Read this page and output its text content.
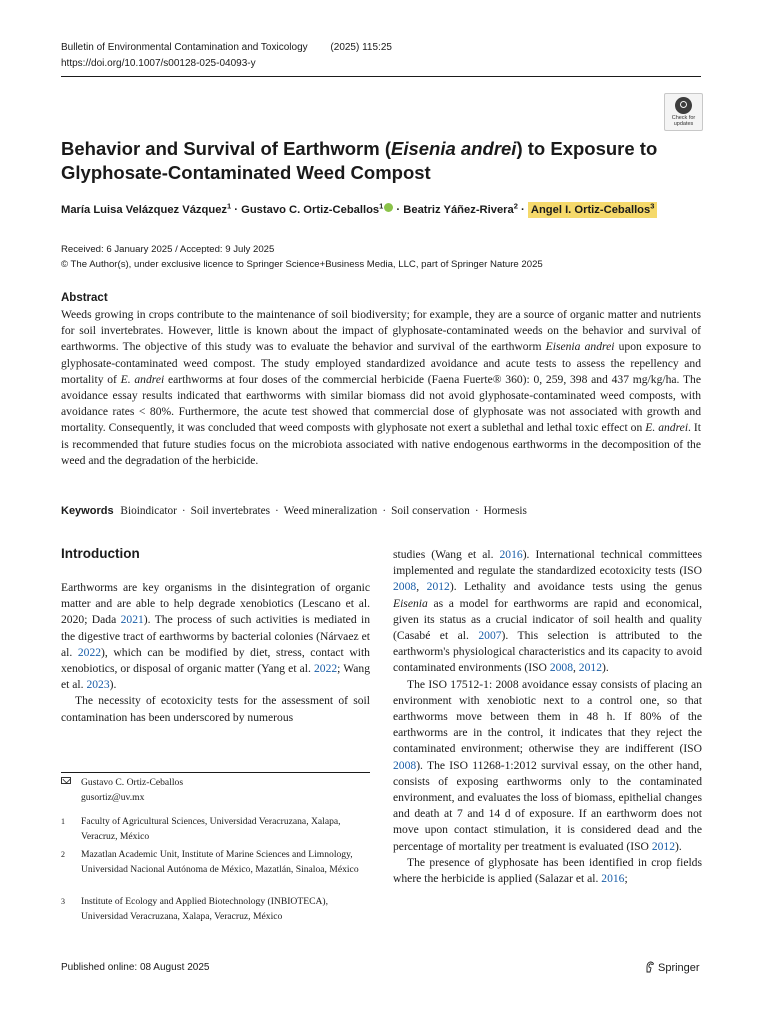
Bulletin of Environmental Contamination and Toxicology (2025) 115:25
https://doi.org/10.1007/s00128-025-04093-y
Check for
updates
Behavior and Survival of Earthworm (Eisenia andrei) to Exposure to Glyphosate-Contaminated Weed Compost
María Luisa Velázquez Vázquez$^1$ · Gustavo C. Ortiz-Ceballos$^1$ · Beatriz Yáñez-Rivera$^2$ · Angel I. Ortiz-Ceballos$^3$
Received: 6 January 2025 / Accepted: 9 July 2025
© The Author(s), under exclusive licence to Springer Science+Business Media, LLC, part of Springer Nature 2025
Abstract

Weeds growing in crops contribute to the maintenance of soil biodiversity; for example, they are a source of organic matter and nutrients for soil invertebrates. However, little is known about the impact of glyphosate-contaminated weeds on the behavior and survival of earthworms. The objective of this study was to evaluate the behavior and survival of the earthworm Eisenia andrei upon exposure to glyphosate-contaminated weed compost. The study employed standardized avoidance and acute tests to assess the repellency and mortality of E. andrei earthworms at four doses of the commercial herbicide (Faena Fuerte® 360): 0, 259, 398 and 437 mg/kg/ha. The avoidance essay results indicated that earthworms with similar biomass did not avoid glyphosate-contaminated weed composts, with avoidance rates < 80%. Furthermore, the acute test showed that commercial dose of glyphosate was not associated with growth and mortality. Consequently, it was concluded that weed composts with glyphosate not exert a sublethal and lethal toxic effect on E. andrei. It is recommended that future studies focus on the microbiota associated with native endogenous earthworms in the decomposition of the weed and the degradation of the herbicide.

Keywords Bioindicator · Soil invertebrates · Weed mineralization · Soil conservation · Hormesis
Introduction

Earthworms are key organisms in the disintegration of organic matter and are able to help degrade xenobiotics (Lescano et al. 2020; Dada 2021). The process of such activities is mediated in the digestive tract of earthworms by bacterial colonies (Nárvaez et al. 2022), which can be modified by diet, stress, contact with xenobiotics, or disposal of organic matter (Yang et al. 2022; Wang et al. 2023).

The necessity of ecotoxicity tests for the assessment of soil contamination has been underscored by numerous

Gustavo C. Ortiz-Ceballos
gusortiz@uv.mx
1 Faculty of Agricultural Sciences, Universidad Veracruzana, Xalapa, Veracruz, México
2 Mazatlan Academic Unit, Institute of Marine Sciences and Limnology, Universidad Nacional Autónoma de México, Mazatlán, Sinaloa, México
3 Institute of Ecology and Applied Biotechnology (INBIOTECA), Universidad Veracruzana, Xalapa, Veracruz, México

studies (Wang et al. 2016). International technical committees implemented and regulate the standardized ecotoxicity tests (ISO 2008, 2012). Lethality and avoidance tests using the genus Eisenia as a model for earthworms are rapid and economical, given its status as a crucial indicator of soil health and quality (Casabé et al. 2007). This selection is attributed to the earthworm's physiological characteristics and its capacity to avoid contaminated environments (ISO 2008, 2012).

The ISO 17512-1: 2008 avoidance essay consists of placing an environment with xenobiotic next to a control one, so that earthworms move between them in 48 h. If 80% of the earthworms are in the control, it indicates that they reject the contaminated environment; otherwise they are indifferent (ISO 2008). The ISO 11268-1:2012 survival essay, on the other hand, consists of exposing earthworms only to the contaminated environment, and evaluates the loss of biomass, epithelial changes and death at 7 and 14 d of exposure. If an earthworm does not move upon contact stimulation, it is considered dead and the percentage of mortality per treatment is evaluated (ISO 2012).

The presence of glyphosate has been identified in crop fields where the herbicide is applied (Salazar et al. 2016;

Published online: 08 August 2025	Springer
